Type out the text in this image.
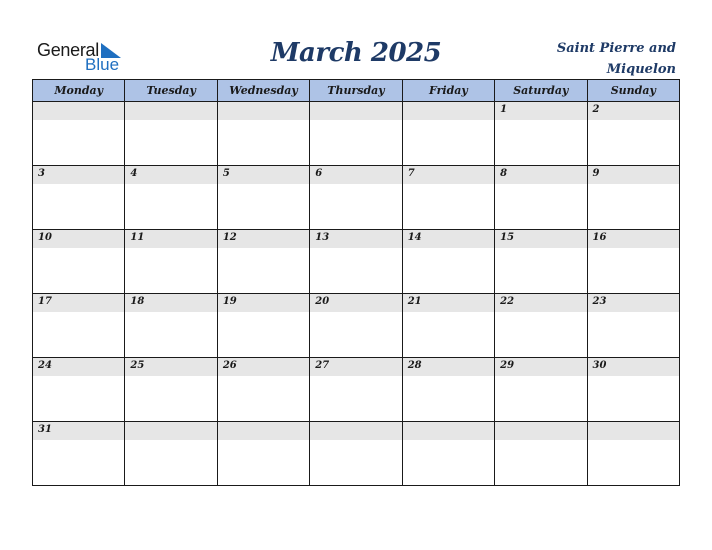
General
Blue	March 2025	Saint Pierre and
Miquelon
Monday	Tuesday	Wednesday	Thursday	Friday	Saturday	Sunday

					1	2

3	4	5	6	7	8	9

10	11	12	13	14	15	16

17	18	19	20	21	22	23

24	25	26	27	28	29	30

31						
